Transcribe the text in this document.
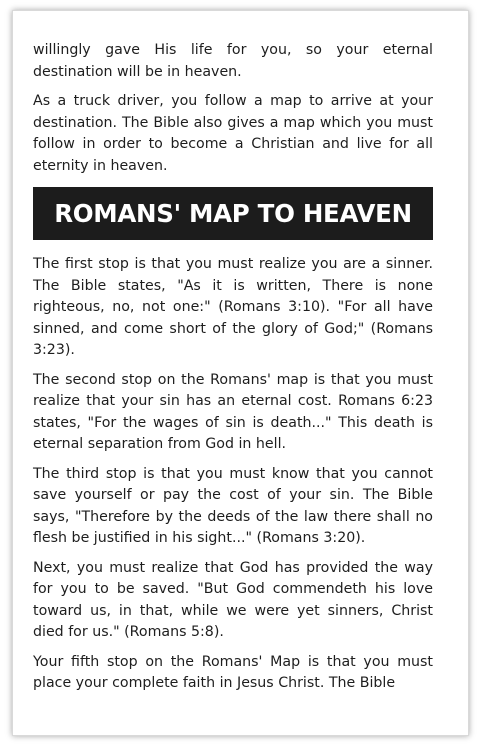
willingly gave His life for you, so your eternal destination will be in heaven.

As a truck driver, you follow a map to arrive at your destination. The Bible also gives a map which you must follow in order to become a Christian and live for all eternity in heaven.

ROMANS' MAP TO HEAVEN

The first stop is that you must realize you are a sinner. The Bible states, "As it is written, There is none righteous, no, not one:" (Romans 3:10). "For all have sinned, and come short of the glory of God;" (Romans 3:23).

The second stop on the Romans' map is that you must realize that your sin has an eternal cost. Romans 6:23 states, "For the wages of sin is death..." This death is eternal separation from God in hell.

The third stop is that you must know that you cannot save yourself or pay the cost of your sin. The Bible says, "Therefore by the deeds of the law there shall no flesh be justified in his sight..." (Romans 3:20).

Next, you must realize that God has provided the way for you to be saved. "But God commendeth his love toward us, in that, while we were yet sinners, Christ died for us." (Romans 5:8).

Your fifth stop on the Romans' Map is that you must place your complete faith in Jesus Christ. The Bible
